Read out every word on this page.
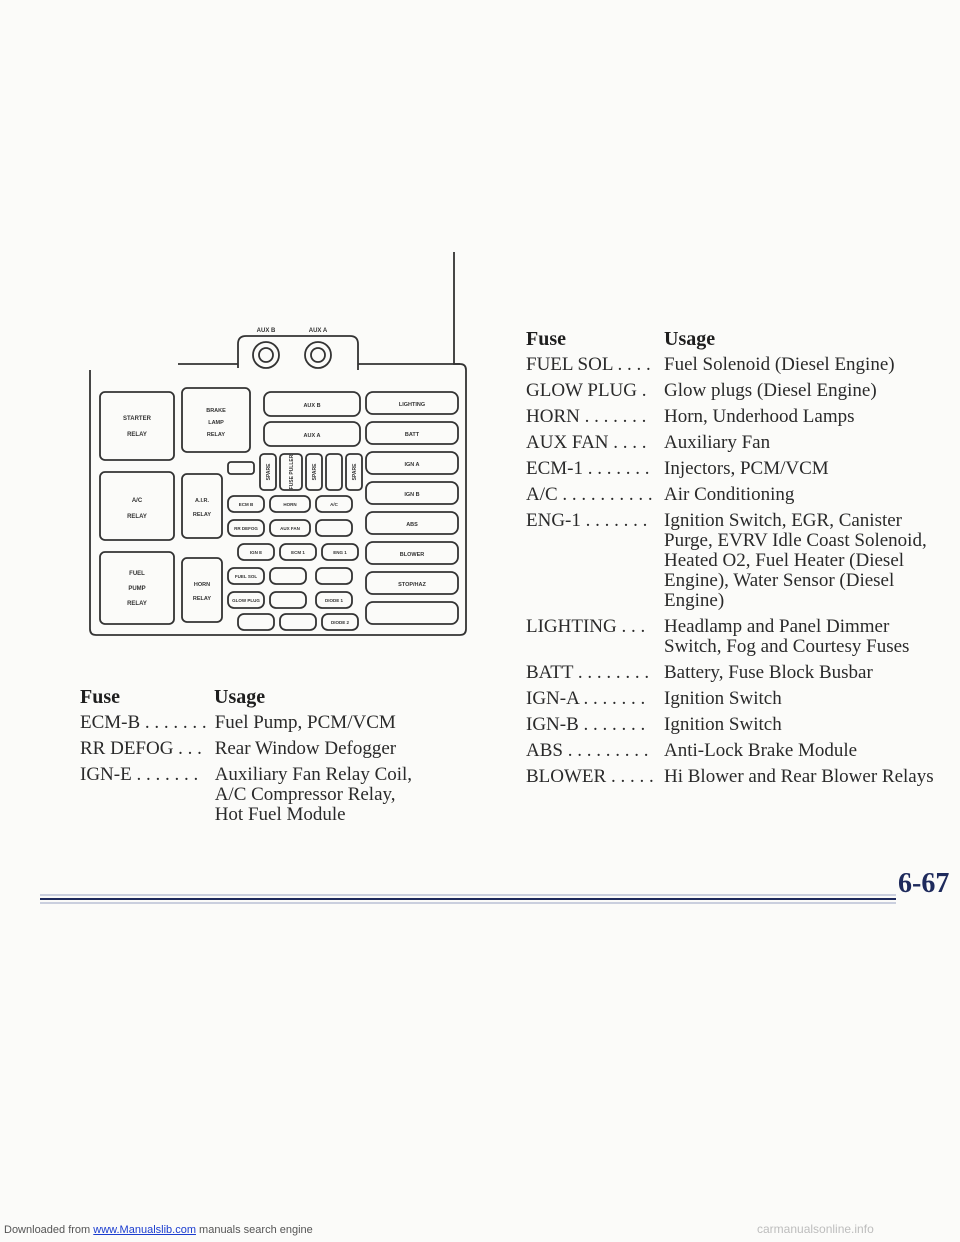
AUX B	AUX A
STARTER
RELAY
A/C
RELAY
FUEL
PUMP
RELAY
BRAKE
LAMP
RELAY
A.I.R.
RELAY
HORN
RELAY
AUX B
AUX A
SPARE	FUSE PULLER	SPARE	SPARE
LIGHTING
BATT
IGN A
IGN B
ABS
BLOWER
STOP/HAZ
ECM B	HORN	A/C
RR DEFOG	AUX FAN
IGN E	ECM 1	ENG 1
FUEL SOL
GLOW PLUG	DIODE 1
DIODE 2
Fuse	Usage
ECM-B . . . . . . .	Fuel Pump, PCM/VCM
RR DEFOG . . .	Rear Window Defogger
IGN-E . . . . . . .	Auxiliary Fan Relay Coil, A/C Compressor Relay, Hot Fuel Module
Fuse	Usage
FUEL SOL . . . .	Fuel Solenoid (Diesel Engine)
GLOW PLUG .	Glow plugs (Diesel Engine)
HORN . . . . . . .	Horn, Underhood Lamps
AUX FAN . . . .	Auxiliary Fan
ECM-1 . . . . . . .	Injectors, PCM/VCM
A/C . . . . . . . . . .	Air Conditioning
ENG-1 . . . . . . .	Ignition Switch, EGR, Canister Purge, EVRV Idle Coast Solenoid, Heated O2, Fuel Heater (Diesel Engine), Water Sensor (Diesel Engine)
LIGHTING . . .	Headlamp and Panel Dimmer Switch, Fog and Courtesy Fuses
BATT . . . . . . . .	Battery, Fuse Block Busbar
IGN-A . . . . . . .	Ignition Switch
IGN-B . . . . . . .	Ignition Switch
ABS . . . . . . . . .	Anti-Lock Brake Module
BLOWER . . . . .	Hi Blower and Rear Blower Relays
6-67
Downloaded from www.Manualslib.com manuals search engine	carmanualsonline.info
